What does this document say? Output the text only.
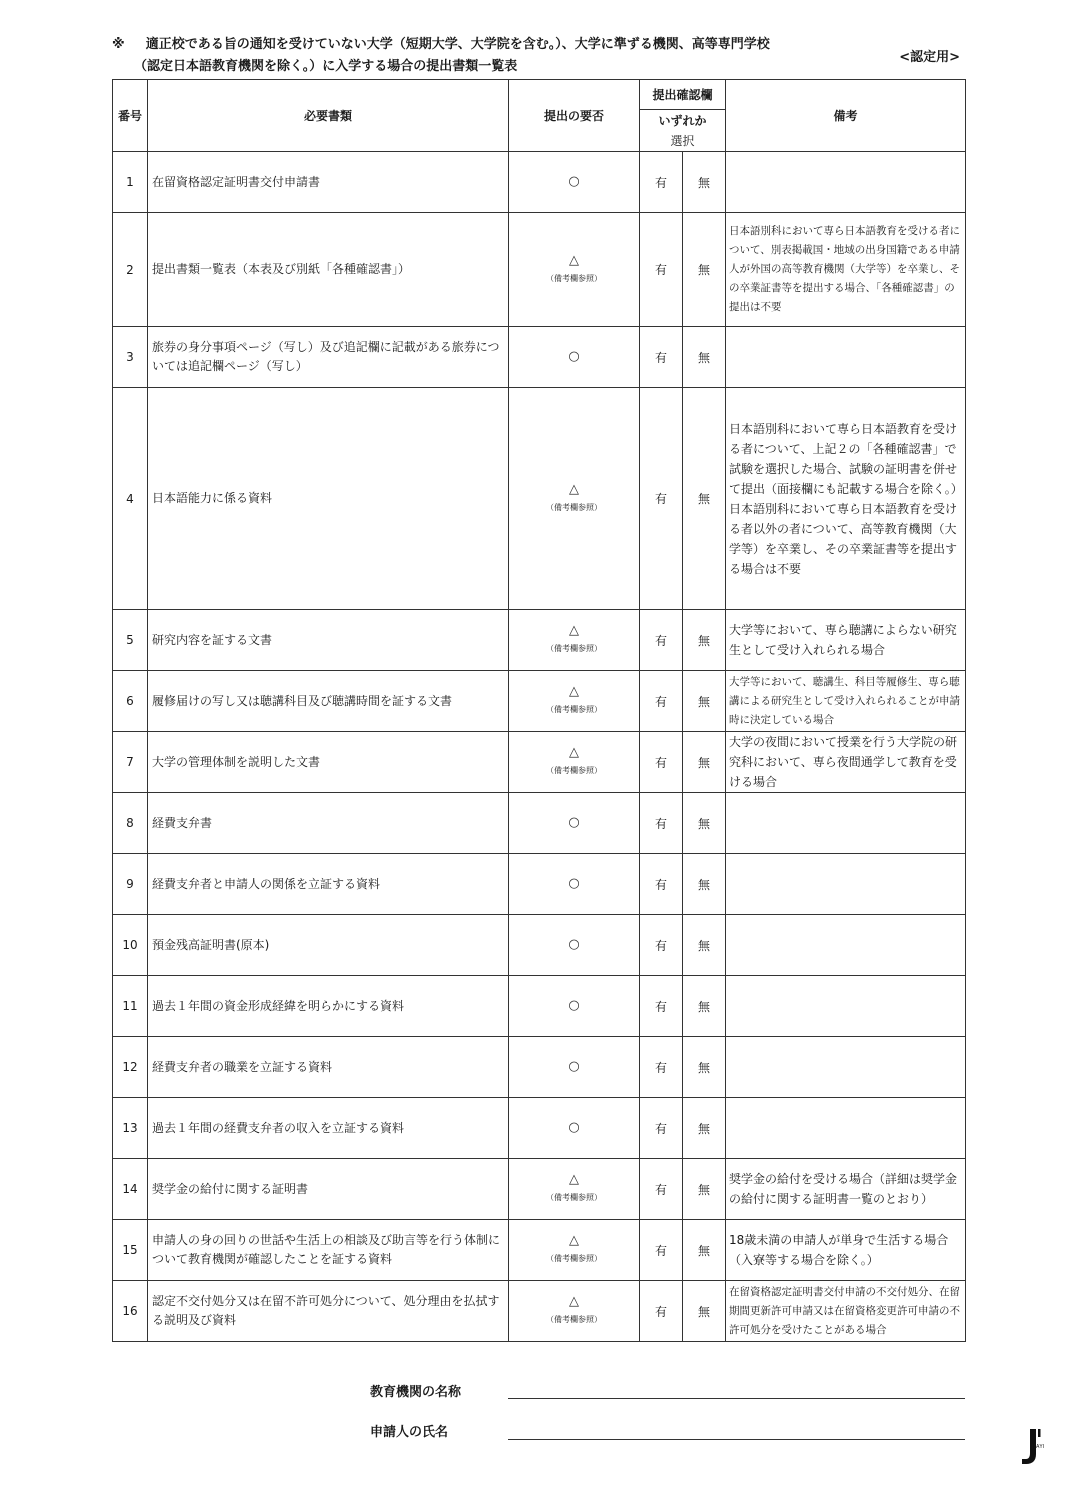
※ 適正校である旨の通知を受けていない大学（短期大学、大学院を含む。）、大学に準ずる機関、高等専門学校
（認定日本語教育機関を除く。）に入学する場合の提出書類一覧表
<認定用>
番号	必要書類	提出の要否	提出確認欄		備考
			いずれか
選択		
1	在留資格認定証明書交付申請書	○	有	無	
2	提出書類一覧表（本表及び別紙「各種確認書」）	△
（備考欄参照）	有	無	日本語別科において専ら日本語教育を受ける者について、別表掲載国・地域の出身国籍である申請人が外国の高等教育機関（大学等）を卒業し、その卒業証書等を提出する場合、「各種確認書」の提出は不要
3	旅券の身分事項ページ（写し）及び追記欄に記載がある旅券については追記欄ページ（写し）	○	有	無	
4	日本語能力に係る資料	△
（備考欄参照）	有	無	日本語別科において専ら日本語教育を受ける者について、上記２の「各種確認書」で試験を選択した場合、試験の証明書を併せて提出（面接欄にも記載する場合を除く。）日本語別科において専ら日本語教育を受ける者以外の者について、高等教育機関（大学等）を卒業し、その卒業証書等を提出する場合は不要
5	研究内容を証する文書	△
（備考欄参照）	有	無	大学等において、専ら聴講によらない研究生として受け入れられる場合
6	履修届けの写し又は聴講科目及び聴講時間を証する文書	△
（備考欄参照）	有	無	大学等において、聴講生、科目等履修生、専ら聴講による研究生として受け入れられることが申請時に決定している場合
7	大学の管理体制を説明した文書	△
（備考欄参照）	有	無	大学の夜間において授業を行う大学院の研究科において、専ら夜間通学して教育を受ける場合
8	経費支弁書	○	有	無	
9	経費支弁者と申請人の関係を立証する資料	○	有	無	
10	預金残高証明書(原本)	○	有	無	
11	過去１年間の資金形成経緯を明らかにする資料	○	有	無	
12	経費支弁者の職業を立証する資料	○	有	無	
13	過去１年間の経費支弁者の収入を立証する資料	○	有	無	
14	奨学金の給付に関する証明書	△
（備考欄参照）	有	無	奨学金の給付を受ける場合（詳細は奨学金の給付に関する証明書一覧のとおり）
15	申請人の身の回りの世話や生活上の相談及び助言等を行う体制について教育機関が確認したことを証する資料	△
（備考欄参照）	有	無	18歳未満の申請人が単身で生活する場合（入寮等する場合を除く。）
16	認定不交付処分又は在留不許可処分について、処分理由を払拭する説明及び資料	△
（備考欄参照）	有	無	在留資格認定証明書交付申請の不交付処分、在留期間更新許可申請又は在留資格変更許可申請の不許可処分を受けたことがある場合
教育機関の名称
申請人の氏名
JIAYI
